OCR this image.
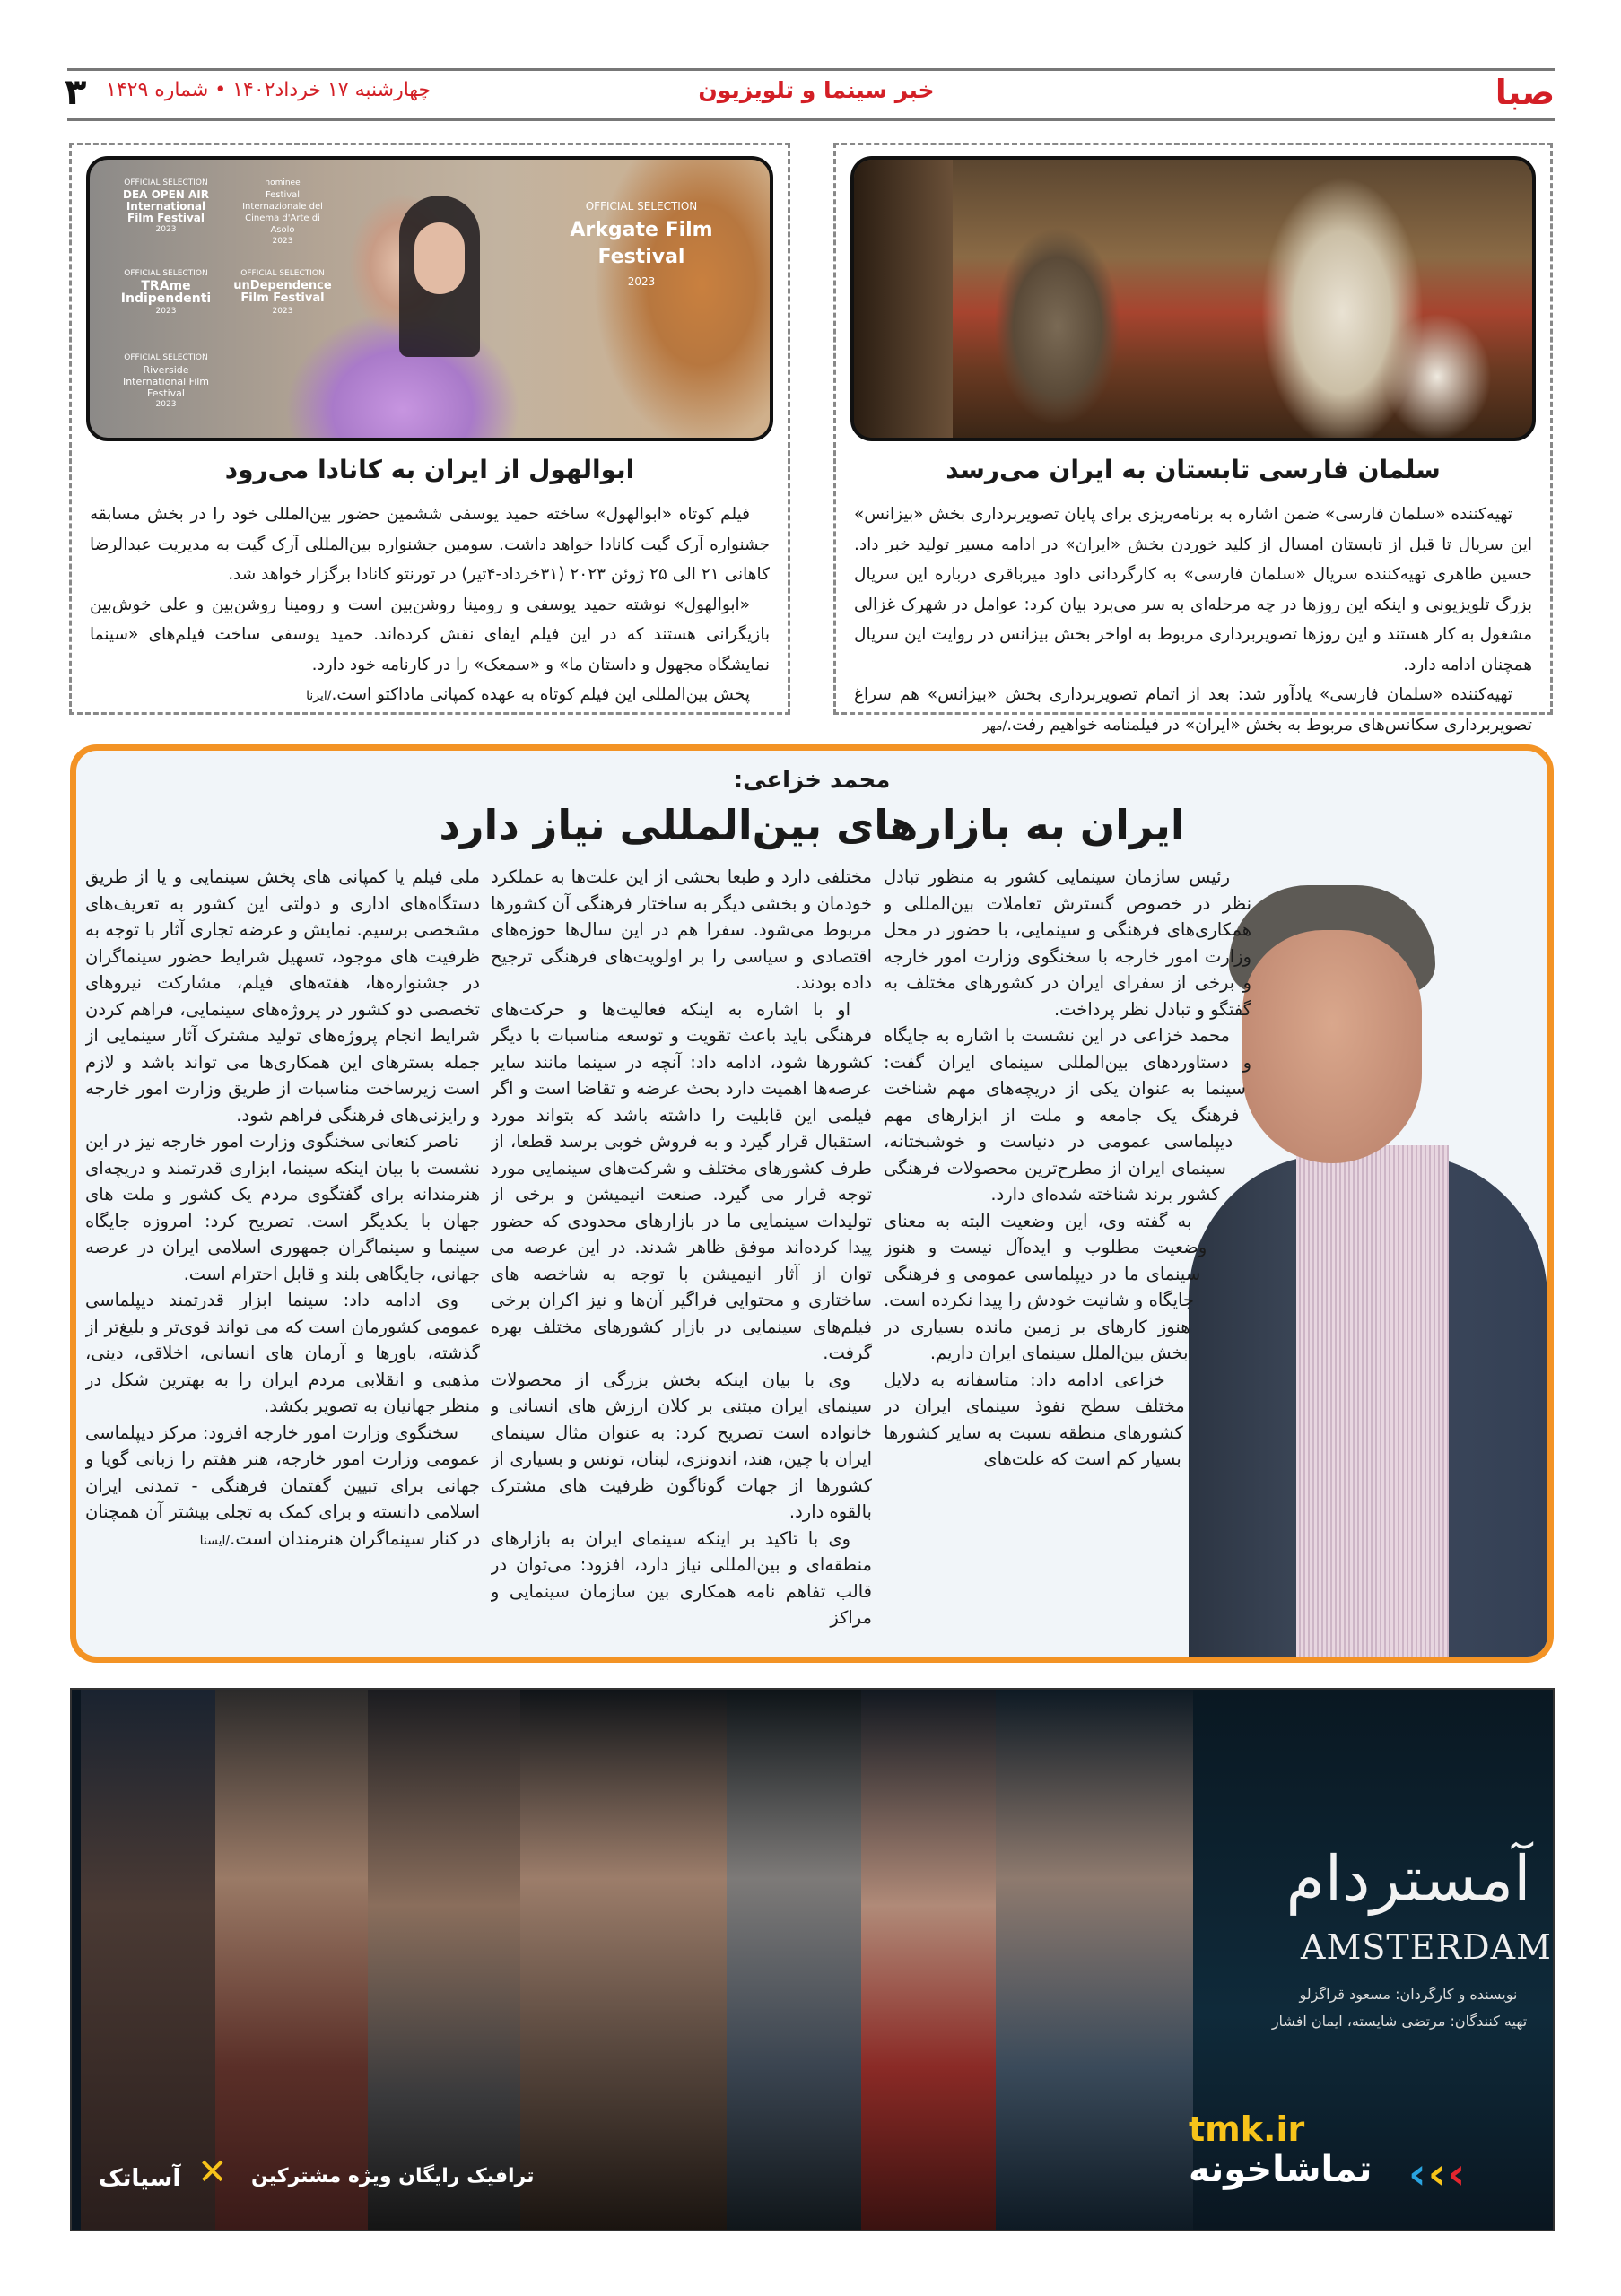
۳ چهارشنبه ۱۷ خرداد۱۴۰۲ • شماره ۱۴۲۹	خبر سینما و تلویزیون	صبا
سلمان فارسی تابستان به ایران می‌رسد

تهیه‌کننده «سلمان فارسی» ضمن اشاره به برنامه‌ریزی برای پایان تصویربرداری بخش «بیزانس» این سریال تا قبل از تابستان امسال از کلید خوردن بخش «ایران» در ادامه مسیر تولید خبر داد. حسین طاهری تهیه‌کننده سریال «سلمان فارسی» به کارگردانی داود میرباقری درباره این سریال بزرگ تلویزیونی و اینکه این روزها در چه مرحله‌ای به سر می‌برد بیان کرد: عوامل در شهرک غزالی مشغول به کار هستند و این روزها تصویربرداری مربوط به اواخر بخش بیزانس در روایت این سریال همچنان ادامه دارد.

تهیه‌کننده «سلمان فارسی» یادآور شد: بعد از اتمام تصویربرداری بخش «بیزانس» هم سراغ تصویربرداری سکانس‌های مربوط به بخش «ایران» در فیلمنامه خواهیم رفت./مهر

OFFICIAL SELECTION
DEA OPEN AIR International Film Festival
2023
nominee
Festival Internazionale del Cinema d'Arte di Asolo
2023
OFFICIAL SELECTION
TRAme Indipendenti
2023
OFFICIAL SELECTION
unDependence Film Festival
2023
OFFICIAL SELECTION
Riverside International Film Festival
2023
OFFICIAL SELECTION
Arkgate Film Festival
2023
ابوالهول از ایران به کانادا می‌رود

فیلم کوتاه «ابوالهول» ساخته حمید یوسفی ششمین حضور بین‌المللی خود را در بخش مسابقه جشنواره آرک گیت کانادا خواهد داشت. سومین جشنواره بین‌المللی آرک گیت به مدیریت عبدالرضا کاهانی ۲۱ الی ۲۵ ژوئن ۲۰۲۳ (۳۱خرداد-۴تیر) در تورنتو کانادا برگزار خواهد شد.

«ابوالهول» نوشته حمید یوسفی و رومینا روشن‌بین است و رومینا روشن‌بین و علی خوش‌بین بازیگرانی هستند که در این فیلم ایفای نقش کرده‌اند. حمید یوسفی ساخت فیلم‌های «سینما نمایشگاه مجهول و داستان ما» و «سمعک» را در کارنامه خود دارد.

پخش بین‌المللی این فیلم کوتاه به عهده کمپانی ماداکتو است./ایرنا

محمد خزاعی:
ایران به بازارهای بین‌المللی نیاز دارد

رئیس سازمان سینمایی کشور به منظور تبادل نظر در خصوص گسترش تعاملات بین‌المللی و همکاری‌های فرهنگی و سینمایی، با حضور در محل وزارت امور خارجه با سخنگوی وزارت امور خارجه و برخی از سفرای ایران در کشورهای مختلف به گفتگو و تبادل نظر پرداخت.

محمد خزاعی در این نشست با اشاره به جایگاه و دستاوردهای بین‌المللی سینمای ایران گفت: سینما به عنوان یکی از دریچه‌های مهم شناخت فرهنگ یک جامعه و ملت از ابزارهای مهم دیپلماسی عمومی در دنیاست و خوشبختانه، سینمای ایران از مطرح‌ترین محصولات فرهنگی کشور برند شناخته شده‌ای دارد.

به گفته وی، این وضعیت البته به معنای وضعیت مطلوب و ایده‌آل نیست و هنوز سینمای ما در دیپلماسی عمومی و فرهنگی جایگاه و شانیت خودش را پیدا نکرده است. هنوز کارهای بر زمین مانده بسیاری در بخش بین‌الملل سینمای ایران داریم.

خزاعی ادامه داد: متاسفانه به دلایل مختلف سطح نفوذ سینمای ایران در کشورهای منطقه نسبت به سایر کشورها بسیار کم است که علت‌های

مختلفی دارد و طبعا بخشی از این علت‌ها به عملکرد خودمان و بخشی دیگر به ساختار فرهنگی آن کشورها مربوط می‌شود. سفرا هم در این سال‌ها حوزه‌های اقتصادی و سیاسی را بر اولویت‌های فرهنگی ترجیح داده بودند.

او با اشاره به اینکه فعالیت‌ها و حرکت‌های فرهنگی باید باعث تقویت و توسعه مناسبات با دیگر کشورها شود، ادامه داد: آنچه در سینما مانند سایر عرصه‌ها اهمیت دارد بحث عرضه و تقاضا است و اگر فیلمی این قابلیت را داشته باشد که بتواند مورد استقبال قرار گیرد و به فروش خوبی برسد قطعا، از طرف کشورهای مختلف و شرکت‌های سینمایی مورد توجه قرار می گیرد. صنعت انیمیشن و برخی از تولیدات سینمایی ما در بازارهای محدودی که حضور پیدا کرده‌اند موفق ظاهر شدند. در این عرصه می توان از آثار انیمیشن با توجه به شاخصه های ساختاری و محتوایی فراگیر آن‌ها و نیز اکران برخی فیلم‌های سینمایی در بازار کشورهای مختلف بهره گرفت.

وی با بیان اینکه بخش بزرگی از محصولات سینمای ایران مبتنی بر کلان ارزش های انسانی و خانواده است تصریح کرد: به عنوان مثال سینمای ایران با چین، هند، اندونزی، لبنان، تونس و بسیاری از کشورها از جهات گوناگون ظرفیت های مشترک بالقوه دارد.

وی با تاکید بر اینکه سینمای ایران به بازارهای منطقه‌ای و بین‌المللی نیاز دارد، افزود: می‌توان در قالب تفاهم نامه همکاری بین سازمان سینمایی و مراکز

ملی فیلم یا کمپانی های پخش سینمایی و یا از طریق دستگاه‌های اداری و دولتی این کشور به تعریف‌های مشخصی برسیم. نمایش و عرضه تجاری آثار با توجه به ظرفیت های موجود، تسهیل شرایط حضور سینماگران در جشنواره‌ها، هفته‌های فیلم، مشارکت نیروهای تخصصی دو کشور در پروژه‌های سینمایی، فراهم کردن شرایط انجام پروژه‌های تولید مشترک آثار سینمایی از جمله بسترهای این همکاری‌ها می تواند باشد و لازم است زیرساخت مناسبات از طریق وزارت امور خارجه و رایزنی‌های فرهنگی فراهم شود.

ناصر کنعانی سخنگوی وزارت امور خارجه نیز در این نشست با بیان اینکه سینما، ابزاری قدرتمند و دریچه‌ای هنرمندانه برای گفتگوی مردم یک کشور و ملت های جهان با یکدیگر است. تصریح کرد: امروزه جایگاه سینما و سینماگران جمهوری اسلامی ایران در عرصه جهانی، جایگاهی بلند و قابل احترام است.

وی ادامه داد: سینما ابزار قدرتمند دیپلماسی عمومی کشورمان است که می تواند قوی‌تر و بلیغ‌تر از گذشته، باورها و آرمان های انسانی، اخلاقی، دینی، مذهبی و انقلابی مردم ایران را به بهترین شکل در منظر جهانیان به تصویر بکشد.

سخنگوی وزارت امور خارجه افزود: مرکز دیپلماسی عمومی وزارت امور خارجه، هنر هفتم را زبانی گویا و جهانی برای تبیین گفتمان فرهنگی - تمدنی ایران اسلامی دانسته و برای کمک به تجلی بیشتر آن همچنان در کنار سینماگران هنرمندان است./ایسنا

آمستردام
AMSTERDAM
نویسنده و کارگردان: مسعود قراگزلو
تهیه کنندگان: مرتضی شایسته، ایمان افشار
tmk.ir
تماشاخونه ‹ ‹ ‹
آسیاتک ✕ ترافیک رایگان ویژه مشترکین
